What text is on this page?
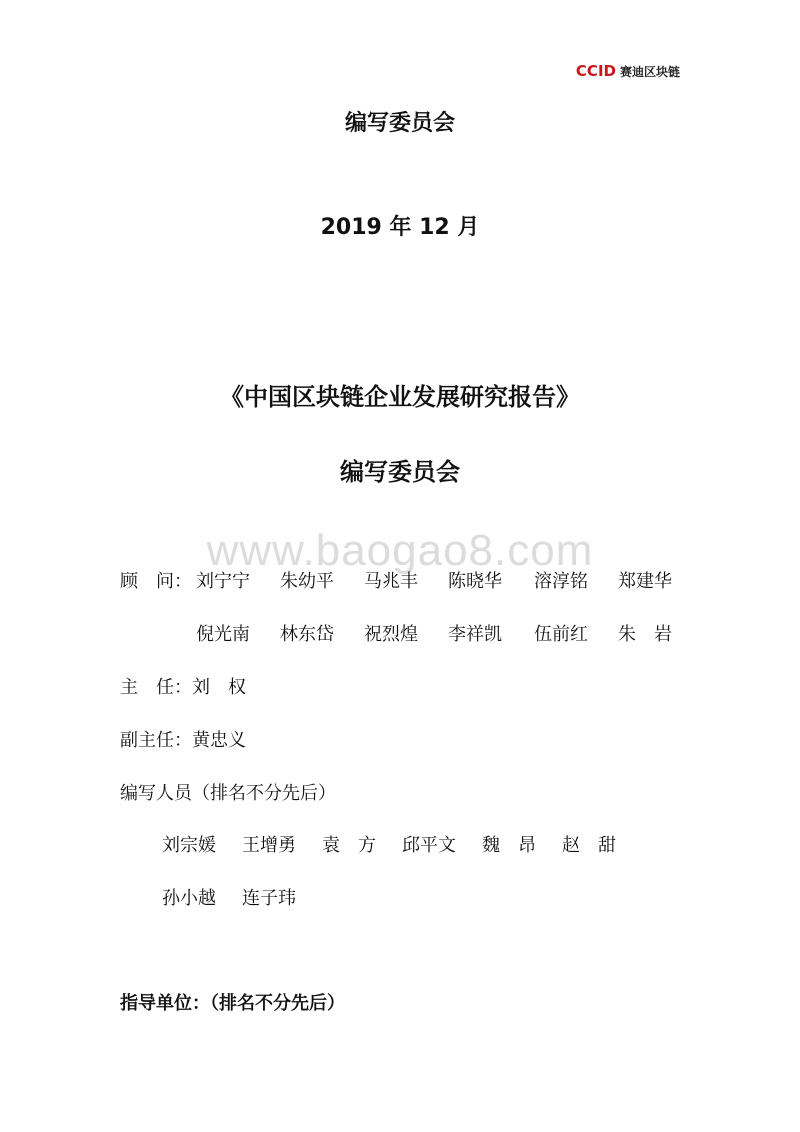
CCID 赛迪区块链
编写委员会
2019 年 12 月
《中国区块链企业发展研究报告》
编写委员会
www.baogao8.com
顾　问： 刘宁宁 朱幼平 马兆丰 陈晓华 溶淳铭 郑建华
倪光南 林东岱 祝烈煌 李祥凯 伍前红 朱　岩
主　任：刘　权
副主任：黄忠义
编写人员（排名不分先后）
刘宗媛 王增勇 袁　方 邱平文 魏　昂 赵　甜
孙小越 连子玮
指导单位：（排名不分先后）
